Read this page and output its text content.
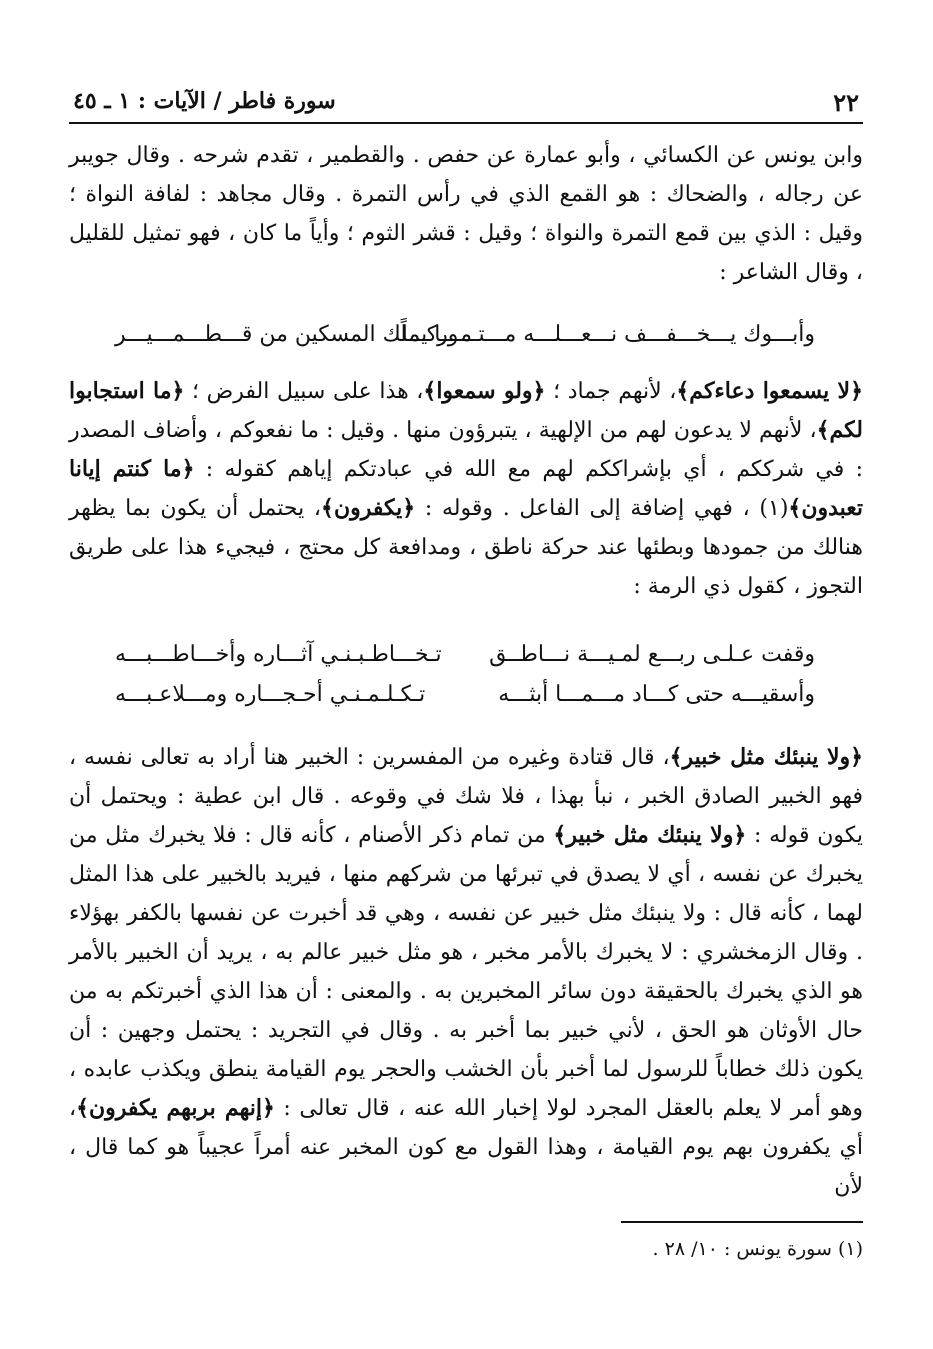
٢٢
سورة فاطر / الآيات : ١ ـ ٤٥

وابن يونس عن الكسائي ، وأبو عمارة عن حفص . والقطمير ، تقدم شرحه . وقال جويبر عن رجاله ، والضحاك : هو القمع الذي في رأس التمرة . وقال مجاهد : لفافة النواة ؛ وقيل : الذي بين قمع التمرة والنواة ؛ وقيل : قشر الثوم ؛ وأياً ما كان ، فهو تمثيل للقليل ، وقال الشاعر :

وأبـــوك يـــخـــفـــف نـــعـــلـــه مـــتـــوركـــاً
مـــا يملك المسكين من قـــطـــمـــيـــر

﴿لا يسمعوا دعاءكم﴾، لأنهم جماد ؛ ﴿ولو سمعوا﴾، هذا على سبيل الفرض ؛ ﴿ما استجابوا لكم﴾، لأنهم لا يدعون لهم من الإلهية ، يتبرؤون منها . وقيل : ما نفعوكم ، وأضاف المصدر : في شرككم ، أي بإشراككم لهم مع الله في عبادتكم إياهم كقوله : ﴿ما كنتم إيانا تعبدون﴾(١) ، فهي إضافة إلى الفاعل . وقوله : ﴿يكفرون﴾، يحتمل أن يكون بما يظهر هنالك من جمودها وبطئها عند حركة ناطق ، ومدافعة كل محتج ، فيجيء هذا على طريق التجوز ، كقول ذي الرمة :

وقفت عـلـى ربـــع لمـيـــة نـــاطــق
تـخـــاطـبـنـي آثـــاره وأخـــاطـــبـــه
وأسقيـــه حتى كـــاد مـــمـــا أبثـــه
تـكـلـمـنـي أحـجـــاره ومـــلاعـبـــه

﴿ولا ينبئك مثل خبير﴾، قال قتادة وغيره من المفسرين : الخبير هنا أراد به تعالى نفسه ، فهو الخبير الصادق الخبر ، نبأ بهذا ، فلا شك في وقوعه . قال ابن عطية : ويحتمل أن يكون قوله : ﴿ولا ينبئك مثل خبير﴾ من تمام ذكر الأصنام ، كأنه قال : فلا يخبرك مثل من يخبرك عن نفسه ، أي لا يصدق في تبرئها من شركهم منها ، فيريد بالخبير على هذا المثل لهما ، كأنه قال : ولا ينبئك مثل خبير عن نفسه ، وهي قد أخبرت عن نفسها بالكفر بهؤلاء . وقال الزمخشري : لا يخبرك بالأمر مخبر ، هو مثل خبير عالم به ، يريد أن الخبير بالأمر هو الذي يخبرك بالحقيقة دون سائر المخبرين به . والمعنى : أن هذا الذي أخبرتكم به من حال الأوثان هو الحق ، لأني خبير بما أخبر به . وقال في التجريد : يحتمل وجهين : أن يكون ذلك خطاباً للرسول لما أخبر بأن الخشب والحجر يوم القيامة ينطق ويكذب عابده ، وهو أمر لا يعلم بالعقل المجرد لولا إخبار الله عنه ، قال تعالى : ﴿إنهم بربهم يكفرون﴾، أي يكفرون بهم يوم القيامة ، وهذا القول مع كون المخبر عنه أمراً عجيباً هو كما قال ، لأن

(١) سورة يونس : ١٠/ ٢٨ .
